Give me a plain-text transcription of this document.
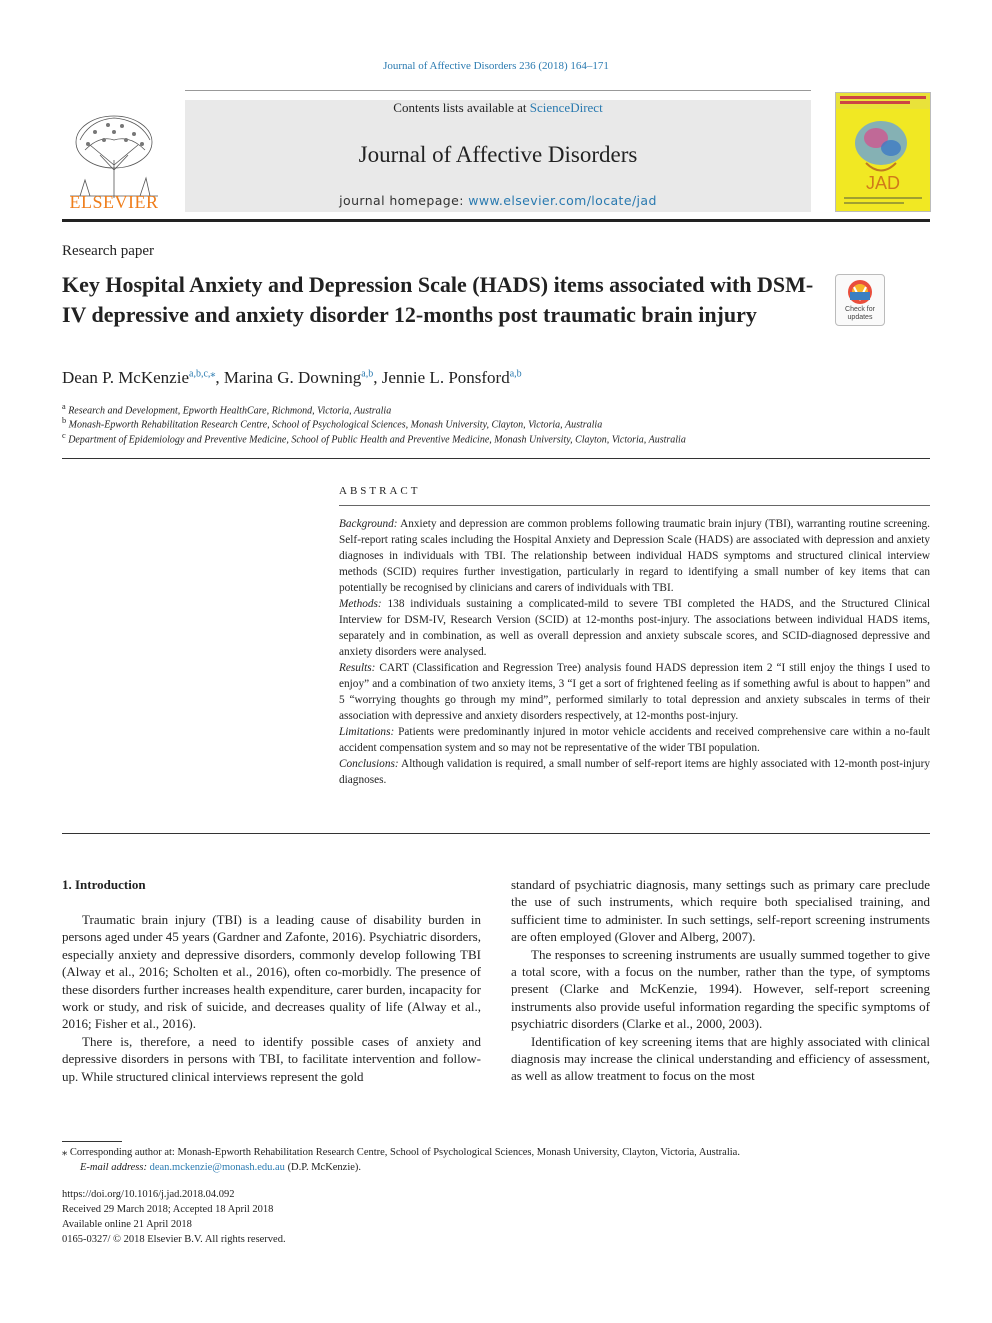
Journal of Affective Disorders 236 (2018) 164–171
ELSEVIER
Contents lists available at ScienceDirect
Journal of Affective Disorders
journal homepage: www.elsevier.com/locate/jad
JAD
Research paper
Key Hospital Anxiety and Depression Scale (HADS) items associated with DSM-IV depressive and anxiety disorder 12-months post traumatic brain injury	Check for updates
Dean P. McKenzie$^{a,b,c,⁎}$, Marina G. Downing$^{a,b}$, Jennie L. Ponsford$^{a,b}$
$^a$ Research and Development, Epworth HealthCare, Richmond, Victoria, Australia
$^b$ Monash-Epworth Rehabilitation Research Centre, School of Psychological Sciences, Monash University, Clayton, Victoria, Australia
$^c$ Department of Epidemiology and Preventive Medicine, School of Public Health and Preventive Medicine, Monash University, Clayton, Victoria, Australia
ABSTRACT

Background: Anxiety and depression are common problems following traumatic brain injury (TBI), warranting routine screening. Self-report rating scales including the Hospital Anxiety and Depression Scale (HADS) are associated with depression and anxiety diagnoses in individuals with TBI. The relationship between individual HADS symptoms and structured clinical interview methods (SCID) requires further investigation, particularly in regard to identifying a small number of key items that can potentially be recognised by clinicians and carers of individuals with TBI.

Methods: 138 individuals sustaining a complicated-mild to severe TBI completed the HADS, and the Structured Clinical Interview for DSM-IV, Research Version (SCID) at 12-months post-injury. The associations between individual HADS items, separately and in combination, as well as overall depression and anxiety subscale scores, and SCID-diagnosed depressive and anxiety disorders were analysed.

Results: CART (Classification and Regression Tree) analysis found HADS depression item 2 “I still enjoy the things I used to enjoy” and a combination of two anxiety items, 3 “I get a sort of frightened feeling as if something awful is about to happen” and 5 “worrying thoughts go through my mind”, performed similarly to total depression and anxiety subscales in terms of their association with depressive and anxiety disorders respectively, at 12-months post-injury.

Limitations: Patients were predominantly injured in motor vehicle accidents and received comprehensive care within a no-fault accident compensation system and so may not be representative of the wider TBI population.

Conclusions: Although validation is required, a small number of self-report items are highly associated with 12-month post-injury diagnoses.

1. Introduction

Traumatic brain injury (TBI) is a leading cause of disability burden in persons aged under 45 years (Gardner and Zafonte, 2016). Psychiatric disorders, especially anxiety and depressive disorders, commonly develop following TBI (Alway et al., 2016; Scholten et al., 2016), often co-morbidly. The presence of these disorders further increases health expenditure, carer burden, incapacity for work or study, and risk of suicide, and decreases quality of life (Alway et al., 2016; Fisher et al., 2016).

There is, therefore, a need to identify possible cases of anxiety and depressive disorders in persons with TBI, to facilitate intervention and follow-up. While structured clinical interviews represent the gold

standard of psychiatric diagnosis, many settings such as primary care preclude the use of such instruments, which require both specialised training, and sufficient time to administer. In such settings, self-report screening instruments are often employed (Glover and Alberg, 2007).

The responses to screening instruments are usually summed together to give a total score, with a focus on the number, rather than the type, of symptoms present (Clarke and McKenzie, 1994). However, self-report screening instruments also provide useful information regarding the specific symptoms of psychiatric disorders (Clarke et al., 2000, 2003).

Identification of key screening items that are highly associated with clinical diagnosis may increase the clinical understanding and efficiency of assessment, as well as allow treatment to focus on the most

⁎ Corresponding author at: Monash-Epworth Rehabilitation Research Centre, School of Psychological Sciences, Monash University, Clayton, Victoria, Australia.
E-mail address: dean.mckenzie@monash.edu.au (D.P. McKenzie).
https://doi.org/10.1016/j.jad.2018.04.092
Received 29 March 2018; Accepted 18 April 2018
Available online 21 April 2018
0165-0327/ © 2018 Elsevier B.V. All rights reserved.
